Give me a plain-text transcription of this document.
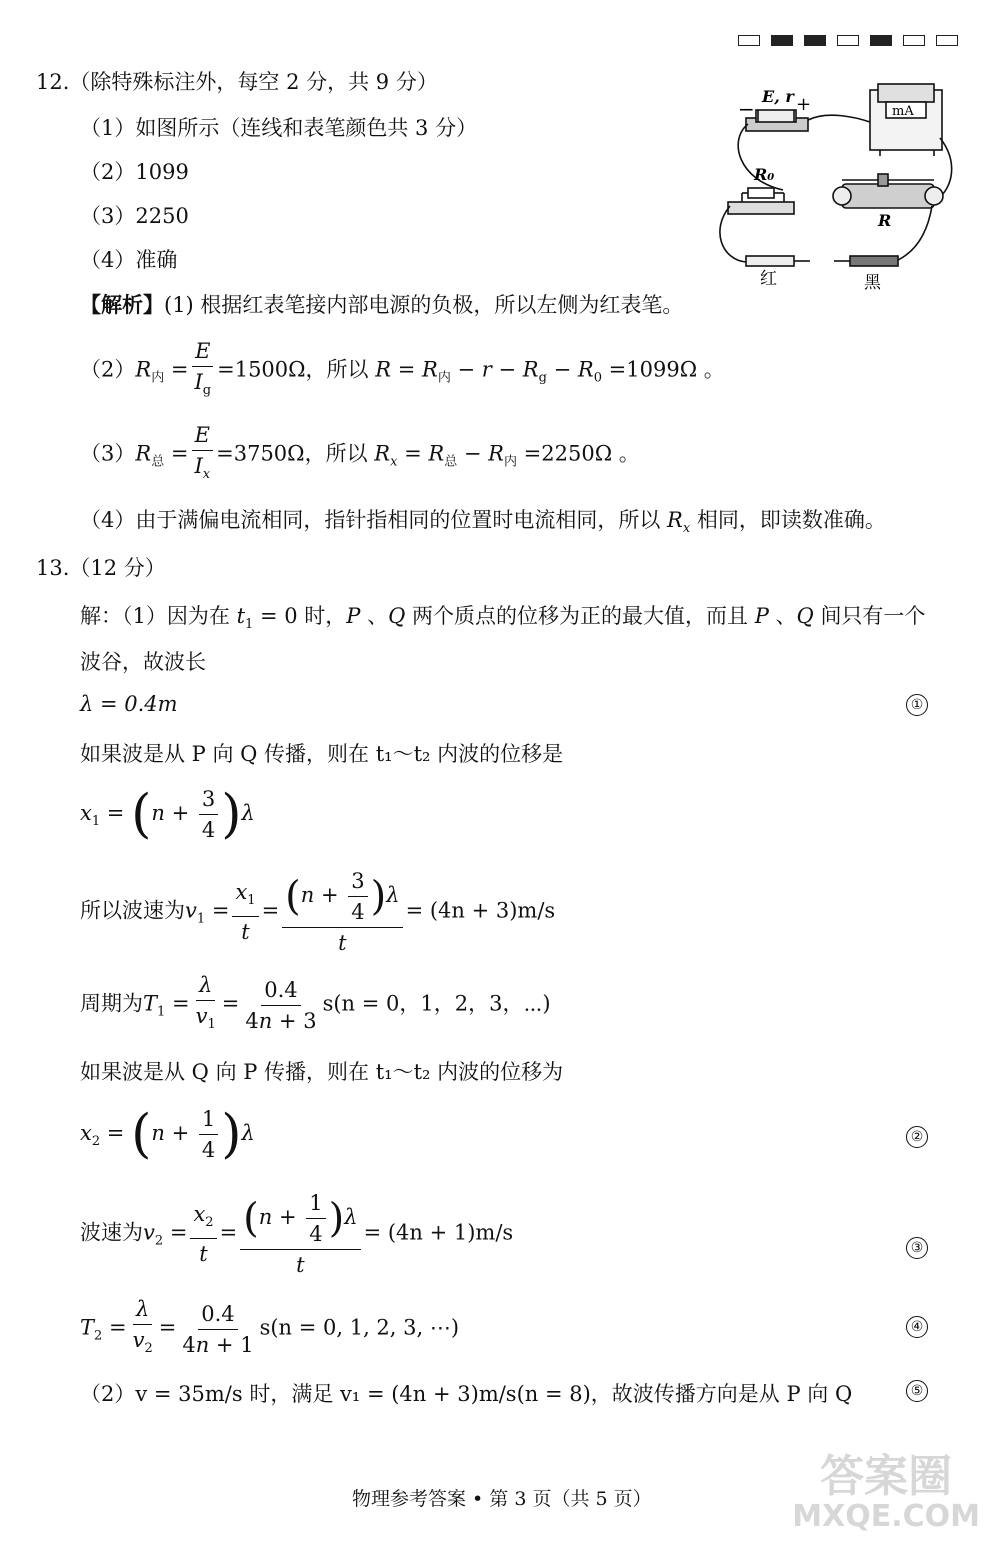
12.（除特殊标注外，每空 2 分，共 9 分）
（1）如图所示（连线和表笔颜色共 3 分）
（2）1099
（3）2250
（4）准确
【解析】(1) 根据红表笔接内部电源的负极，所以左侧为红表笔。
− +
E, r
mA
R₀
R
红	黑
$(2)R_内 = \frac{E}{I_g} =1500\Omega$，所以 $R = R_内 - r - R_g - R_0 =1099\Omega$ 。
$(3)R_总 = \frac{E}{I_x} =3750\Omega$，所以 $R_x = R_总 - R_内 =2250\Omega$ 。
（4）由于满偏电流相同，指针指相同的位置时电流相同，所以 $R_x$ 相同，即读数准确。
13.（12 分）
解：（1）因为在 $t_1 = 0$ 时，P 、Q 两个质点的位移为正的最大值，而且 P 、Q 间只有一个
波谷，故波长
λ = 0.4m	①
如果波是从 P 向 Q 传播，则在 t₁～t₂ 内波的位移是
$x_1 = (n + \frac{3}{4} )\lambda$
所以波速为$v_1 = \frac{x_1}{t} = \frac{(n + \frac{3}{4} )\lambda}{t} = (4n + 3)m/s$
周期为$T_1 = \frac{\lambda}{v_1} = \frac{0.4}{4n + 3} s(n = 0$，1，2，3，⋯)
如果波是从 Q 向 P 传播，则在 t₁～t₂ 内波的位移为
$x_2 = (n + \frac{1}{4} )\lambda$	②
波速为$v_2 = \frac{x_2}{t} = \frac{(n + \frac{1}{4} )\lambda}{t} = (4n + 1)m/s$
③
$T_2 = \frac{\lambda}{v_2} = \frac{0.4}{4n + 1} s(n = 0$, 1, 2, 3, ⋯)	④
（2）v = 35m/s 时，满足 v₁ = (4n + 3)m/s(n = 8)，故波传播方向是从 P 向 Q	⑤
物理参考答案 • 第 3 页（共 5 页）	答案圈
MXQE.COM
